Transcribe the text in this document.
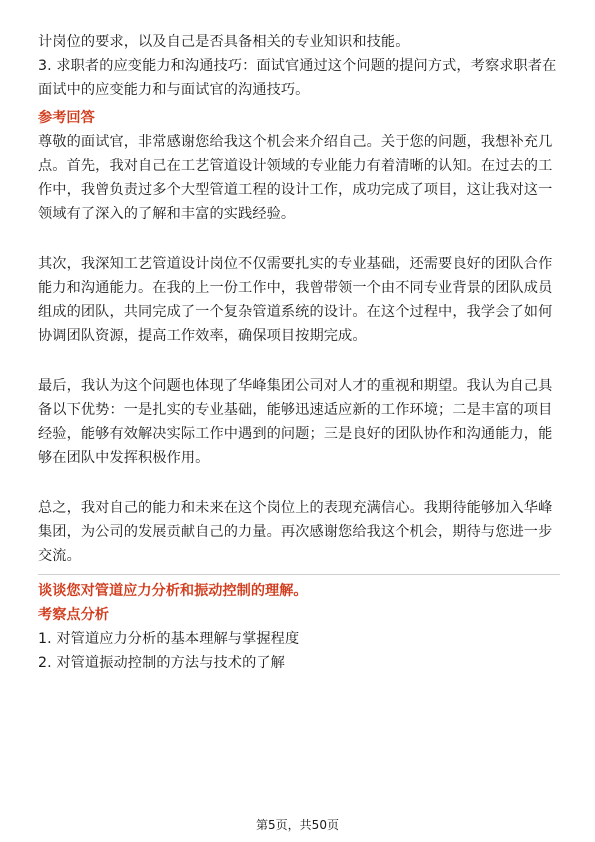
计岗位的要求，以及自己是否具备相关的专业知识和技能。
3. 求职者的应变能力和沟通技巧：面试官通过这个问题的提问方式，考察求职者在
面试中的应变能力和与面试官的沟通技巧。
参考回答
尊敬的面试官，非常感谢您给我这个机会来介绍自己。关于您的问题，我想补充几
点。首先，我对自己在工艺管道设计领域的专业能力有着清晰的认知。在过去的工
作中，我曾负责过多个大型管道工程的设计工作，成功完成了项目，这让我对这一
领域有了深入的了解和丰富的实践经验。
其次，我深知工艺管道设计岗位不仅需要扎实的专业基础，还需要良好的团队合作
能力和沟通能力。在我的上一份工作中，我曾带领一个由不同专业背景的团队成员
组成的团队，共同完成了一个复杂管道系统的设计。在这个过程中，我学会了如何
协调团队资源，提高工作效率，确保项目按期完成。
最后，我认为这个问题也体现了华峰集团公司对人才的重视和期望。我认为自己具
备以下优势：一是扎实的专业基础，能够迅速适应新的工作环境；二是丰富的项目
经验，能够有效解决实际工作中遇到的问题；三是良好的团队协作和沟通能力，能
够在团队中发挥积极作用。
总之，我对自己的能力和未来在这个岗位上的表现充满信心。我期待能够加入华峰
集团，为公司的发展贡献自己的力量。再次感谢您给我这个机会，期待与您进一步
交流。
谈谈您对管道应力分析和振动控制的理解。
考察点分析
1. 对管道应力分析的基本理解与掌握程度
2. 对管道振动控制的方法与技术的了解
第5页，共50页
